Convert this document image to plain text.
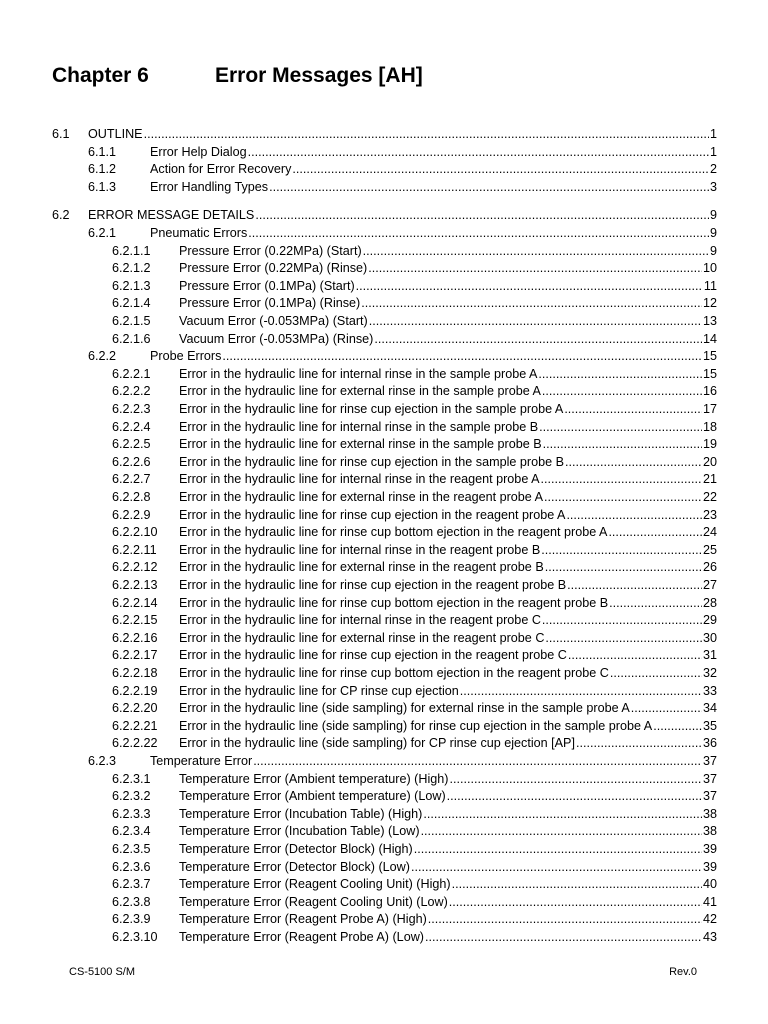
Chapter 6	Error Messages [AH]
6.1	OUTLINE .....	1
6.1.1	Error Help Dialog .....	1
6.1.2	Action for Error Recovery .....	2
6.1.3	Error Handling Types .....	3
6.2	ERROR MESSAGE DETAILS .....	9
6.2.1	Pneumatic Errors .....	9
6.2.1.1	Pressure Error (0.22MPa) (Start) .....	9
6.2.1.2	Pressure Error (0.22MPa) (Rinse) .....	10
6.2.1.3	Pressure Error (0.1MPa) (Start) .....	11
6.2.1.4	Pressure Error (0.1MPa) (Rinse) .....	12
6.2.1.5	Vacuum Error (-0.053MPa) (Start) .....	13
6.2.1.6	Vacuum Error (-0.053MPa) (Rinse) .....	14
6.2.2	Probe Errors .....	15
6.2.2.1	Error in the hydraulic line for internal rinse in the sample probe A .....	15
6.2.2.2	Error in the hydraulic line for external rinse in the sample probe A .....	16
6.2.2.3	Error in the hydraulic line for rinse cup ejection in the sample probe A .....	17
6.2.2.4	Error in the hydraulic line for internal rinse in the sample probe B .....	18
6.2.2.5	Error in the hydraulic line for external rinse in the sample probe B .....	19
6.2.2.6	Error in the hydraulic line for rinse cup ejection in the sample probe B .....	20
6.2.2.7	Error in the hydraulic line for internal rinse in the reagent probe A .....	21
6.2.2.8	Error in the hydraulic line for external rinse in the reagent probe A .....	22
6.2.2.9	Error in the hydraulic line for rinse cup ejection in the reagent probe A .....	23
6.2.2.10	Error in the hydraulic line for rinse cup bottom ejection in the reagent probe A .....	24
6.2.2.11	Error in the hydraulic line for internal rinse in the reagent probe B .....	25
6.2.2.12	Error in the hydraulic line for external rinse in the reagent probe B .....	26
6.2.2.13	Error in the hydraulic line for rinse cup ejection in the reagent probe B .....	27
6.2.2.14	Error in the hydraulic line for rinse cup bottom ejection in the reagent probe B .....	28
6.2.2.15	Error in the hydraulic line for internal rinse in the reagent probe C .....	29
6.2.2.16	Error in the hydraulic line for external rinse in the reagent probe C .....	30
6.2.2.17	Error in the hydraulic line for rinse cup ejection in the reagent probe C .....	31
6.2.2.18	Error in the hydraulic line for rinse cup bottom ejection in the reagent probe C .....	32
6.2.2.19	Error in the hydraulic line for CP rinse cup ejection .....	33
6.2.2.20	Error in the hydraulic line (side sampling) for external rinse in the sample probe A .....	34
6.2.2.21	Error in the hydraulic line (side sampling) for rinse cup ejection in the sample probe A .....	35
6.2.2.22	Error in the hydraulic line (side sampling) for CP rinse cup ejection [AP] .....	36
6.2.3	Temperature Error .....	37
6.2.3.1	Temperature Error (Ambient temperature) (High) .....	37
6.2.3.2	Temperature Error (Ambient temperature) (Low) .....	37
6.2.3.3	Temperature Error (Incubation Table) (High) .....	38
6.2.3.4	Temperature Error (Incubation Table) (Low) .....	38
6.2.3.5	Temperature Error (Detector Block) (High) .....	39
6.2.3.6	Temperature Error (Detector Block) (Low) .....	39
6.2.3.7	Temperature Error (Reagent Cooling Unit) (High) .....	40
6.2.3.8	Temperature Error (Reagent Cooling Unit) (Low) .....	41
6.2.3.9	Temperature Error (Reagent Probe A) (High) .....	42
6.2.3.10	Temperature Error (Reagent Probe A) (Low) .....	43
CS-5100 S/M	Rev.0
